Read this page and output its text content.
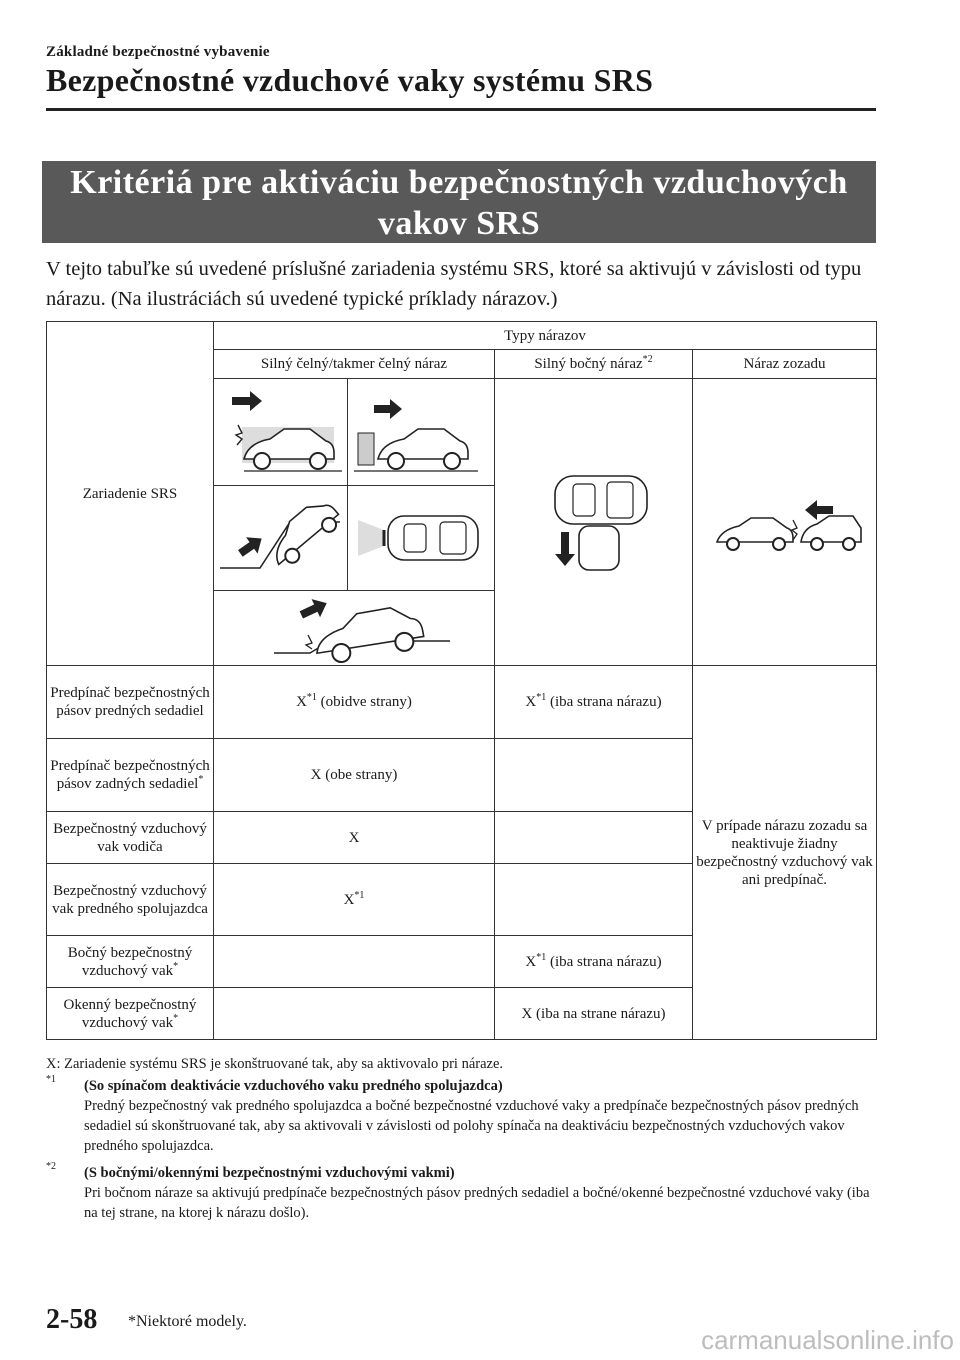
Základné bezpečnostné vybavenie
Bezpečnostné vzduchové vaky systému SRS
Kritériá pre aktiváciu bezpečnostných vzduchových
vakov SRS
V tejto tabuľke sú uvedené príslušné zariadenia systému SRS, ktoré sa aktivujú v závislosti od typu nárazu. (Na ilustráciách sú uvedené typické príklady nárazov.)
Zariadenie SRS	Typy nárazov		
	Silný čelný/takmer čelný náraz	Silný bočný náraz$^{*2}$	Náraz zozadu

Predpínač bezpečnostných pásov predných sedadiel	$X^{*1}$ (obidve strany)	$X^{*1}$ (iba strana nárazu)	V prípade nárazu zozadu sa neaktivuje žiadny bezpečnostný vzduchový vak ani predpínač.
Predpínač bezpečnostných pásov zadných sedadiel*	X (obe strany)		
Bezpečnostný vzduchový vak vodiča	X		
Bezpečnostný vzduchový vak predného spolujazdca	$X^{*1}$	
Bočný bezpečnostný vzduchový vak*		$X^{*1}$ (iba strana nárazu)	
Okenný bezpečnostný vzduchový vak*		X (iba na strane nárazu)	
X: Zariadenie systému SRS je skonštruované tak, aby sa aktivovalo pri náraze.
*1 (So spínačom deaktivácie vzduchového vaku predného spolujazdca)
Predný bezpečnostný vak predného spolujazdca a bočné bezpečnostné vzduchové vaky a predpínače bezpečnostných pásov predných sedadiel sú skonštruované tak, aby sa aktivovali v závislosti od polohy spínača na deaktiváciu bezpečnostných vzduchových vakov predného spolujazdca.
*2 (S bočnými/okennými bezpečnostnými vzduchovými vakmi)
Pri bočnom náraze sa aktivujú predpínače bezpečnostných pásov predných sedadiel a bočné/okenné bezpečnostné vzduchové vaky (iba na tej strane, na ktorej k nárazu došlo).
2-58 *Niektoré modely.
carmanualsonline.info
